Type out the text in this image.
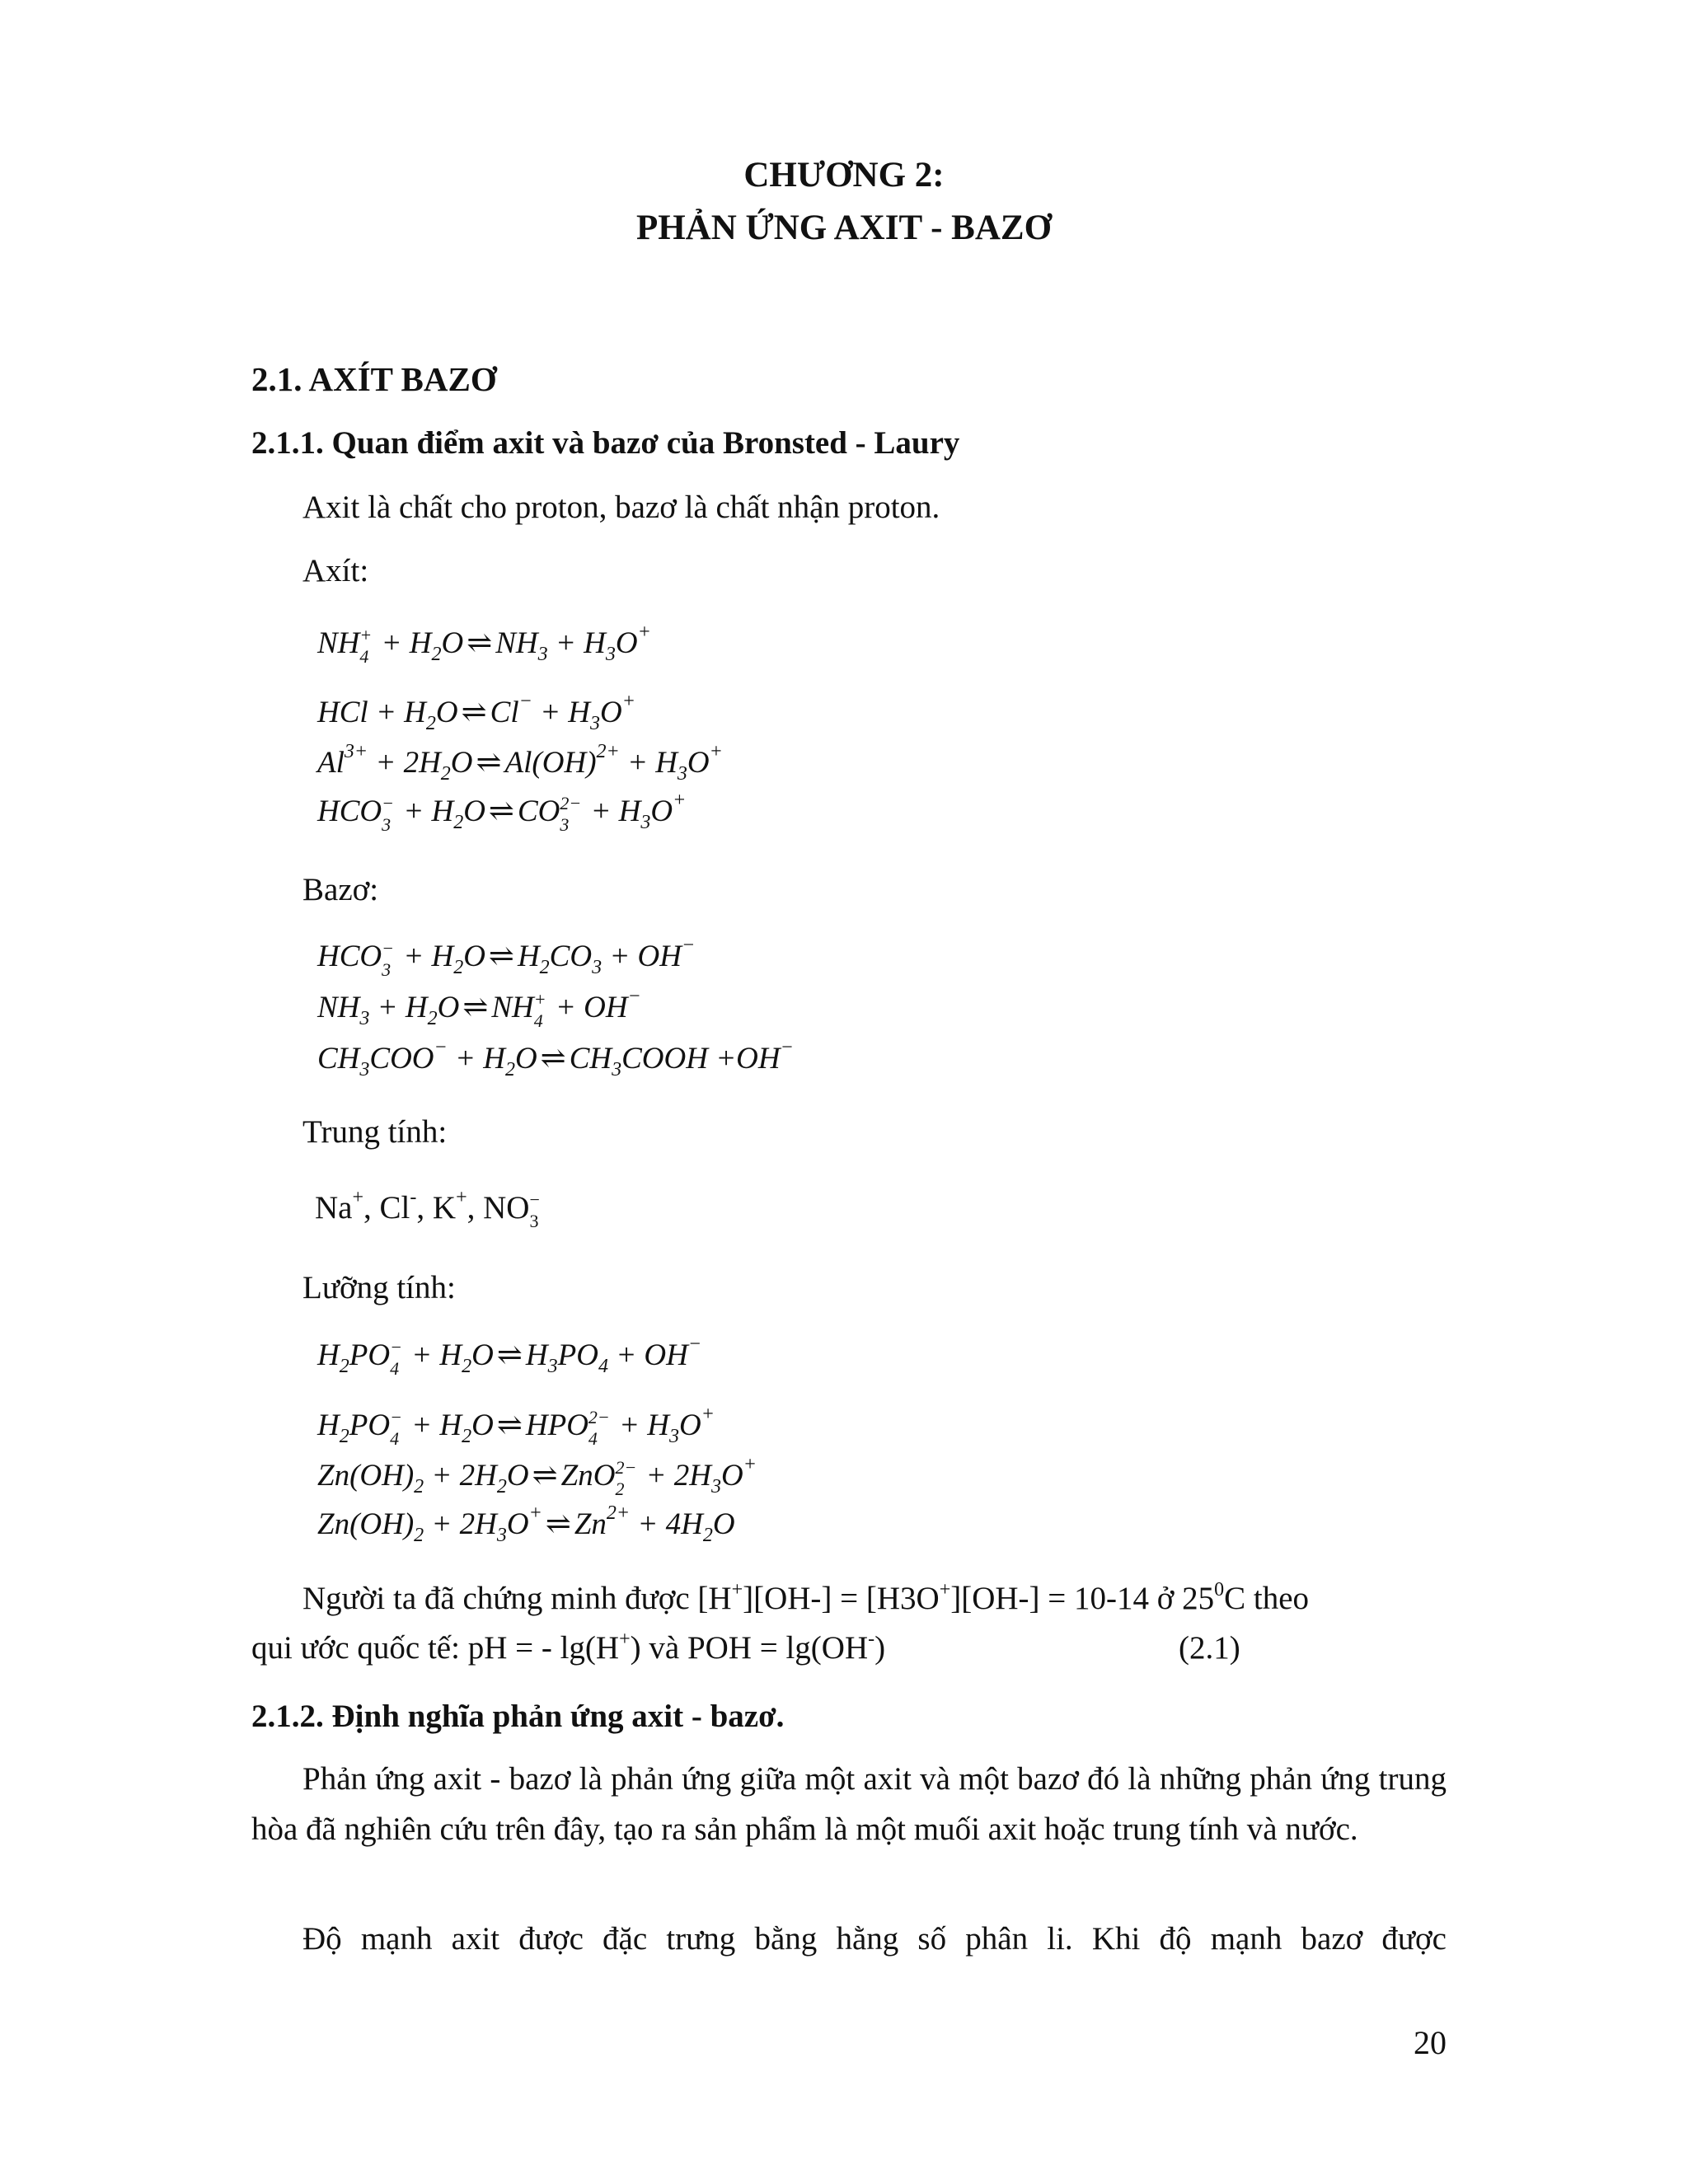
CHƯƠNG 2:
PHẢN ỨNG AXIT - BAZƠ
2.1. AXÍT BAZƠ
2.1.1. Quan điểm axit và bazơ của Bronsted - Laury
Axit là chất cho proton, bazơ là chất nhận proton.
Axít:
NH +
$4 + H_2O$ ⇌ $NH_3 + H_3O^+$
HCl + $H_2O$ ⇌ $Cl^- + H_3O^+$
$Al^{3+} + 2H_2O$ ⇌ $Al(OH)^{2+} + H_3O^+$
HCO −
$3 + H_2O$ ⇌ CO 2−
$3 + H_3O^+$
Bazơ:
HCO −
$3 + H_2O$ ⇌ $H_2CO_3 + OH^-$
$NH_3 + H_2O$ ⇌ NH +
4 + OH−
$CH_3COO^- + H_2O$ ⇌ $CH_3COOH +OH^-$
Trung tính:
Na+, Cl-, K+, NO −
3
Lưỡng tính:
$H_2PO$ −
$4 + H_2O$ ⇌ $H_3PO_4 + OH^-$
$H_2PO$ −
$4 + H_2O$ ⇌ HPO 2−
$4 + H_3O^+$
$Zn(OH)_2 + 2H_2O$ ⇌ ZnO 2−
$2 + 2H_3O^+$
$Zn(OH)_2 + 2H_3O^+$ ⇌ $Zn^{2+} + 4H_2O$
Người ta đã chứng minh được [H+][OH-] = [H3O+][OH-] = 10-14 ở $25^0C$ theo
qui ước quốc tế: pH = - lg(H+) và POH = lg(OH-)	(2.1)
2.1.2. Định nghĩa phản ứng axit - bazơ.

Phản ứng axit - bazơ là phản ứng giữa một axit và một bazơ đó là những phản ứng trung hòa đã nghiên cứu trên đây, tạo ra sản phẩm là một muối axit hoặc trung tính và nước.

Độ mạnh axit được đặc trưng bằng hằng số phân li. Khi độ mạnh bazơ được

20
